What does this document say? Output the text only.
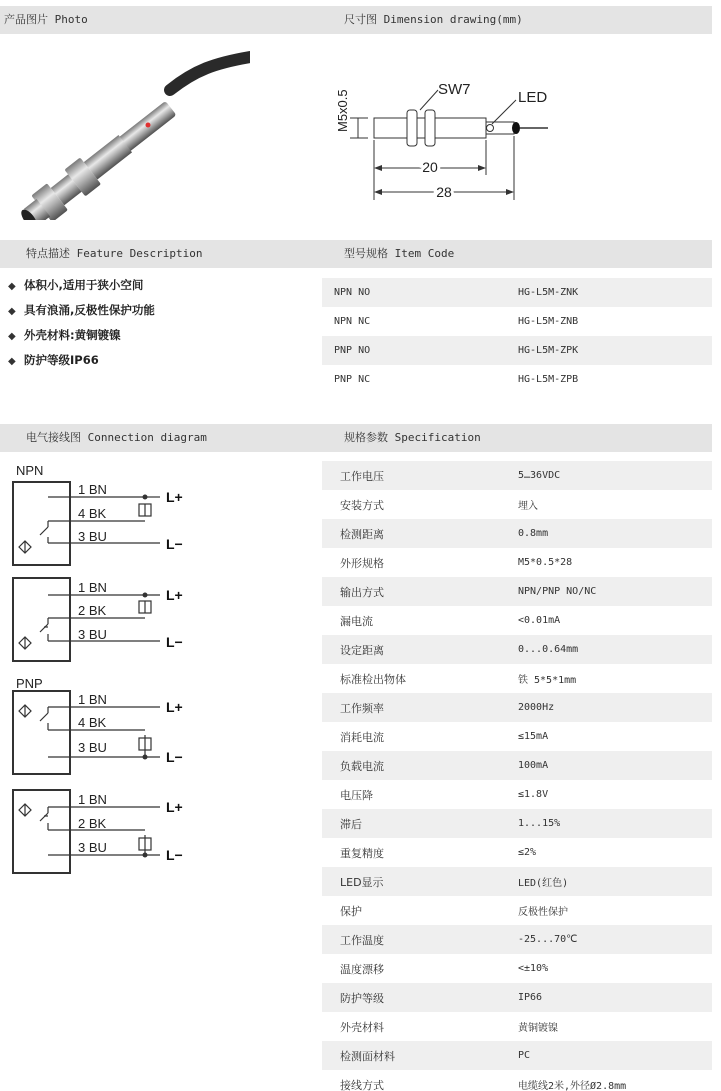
产品图片 Photo	尺寸图 Dimension drawing(mm)
特点描述 Feature Description	型号规格 Item Code
电气接线图 Connection diagram	规格参数 Specification
M5x0.5	SW7	LED
20
28
◆ 体积小,适用于狭小空间
◆ 具有浪涌,反极性保护功能
◆ 外壳材料:黄铜镀镍
◆ 防护等级IP66
NPN NO	HG-L5M-ZNK
NPN NC	HG-L5M-ZNB
PNP NO	HG-L5M-ZPK
PNP NC	HG-L5M-ZPB
NPN
PNP
1 BN
4 BK
3 BU
L+
L−
1 BN
2 BK
3 BU
L+
L−
1 BN
4 BK
3 BU
L+
L−
1 BN
2 BK
3 BU
L+
L−
工作电压	5…36VDC
安装方式	埋入
检测距离	0.8mm
外形规格	M5*0.5*28
输出方式	NPN/PNP NO/NC
漏电流	<0.01mA
设定距离	0...0.64mm
标准检出物体	铁 5*5*1mm
工作频率	2000Hz
消耗电流	≤15mA
负载电流	100mA
电压降	≤1.8V
滞后	1...15%
重复精度	≤2%
LED显示	LED(红色)
保护	反极性保护
工作温度	-25...70℃
温度漂移	<±10%
防护等级	IP66
外壳材料	黄铜镀镍
检测面材料	PC
接线方式	电缆线2米,外径Ø2.8mm
